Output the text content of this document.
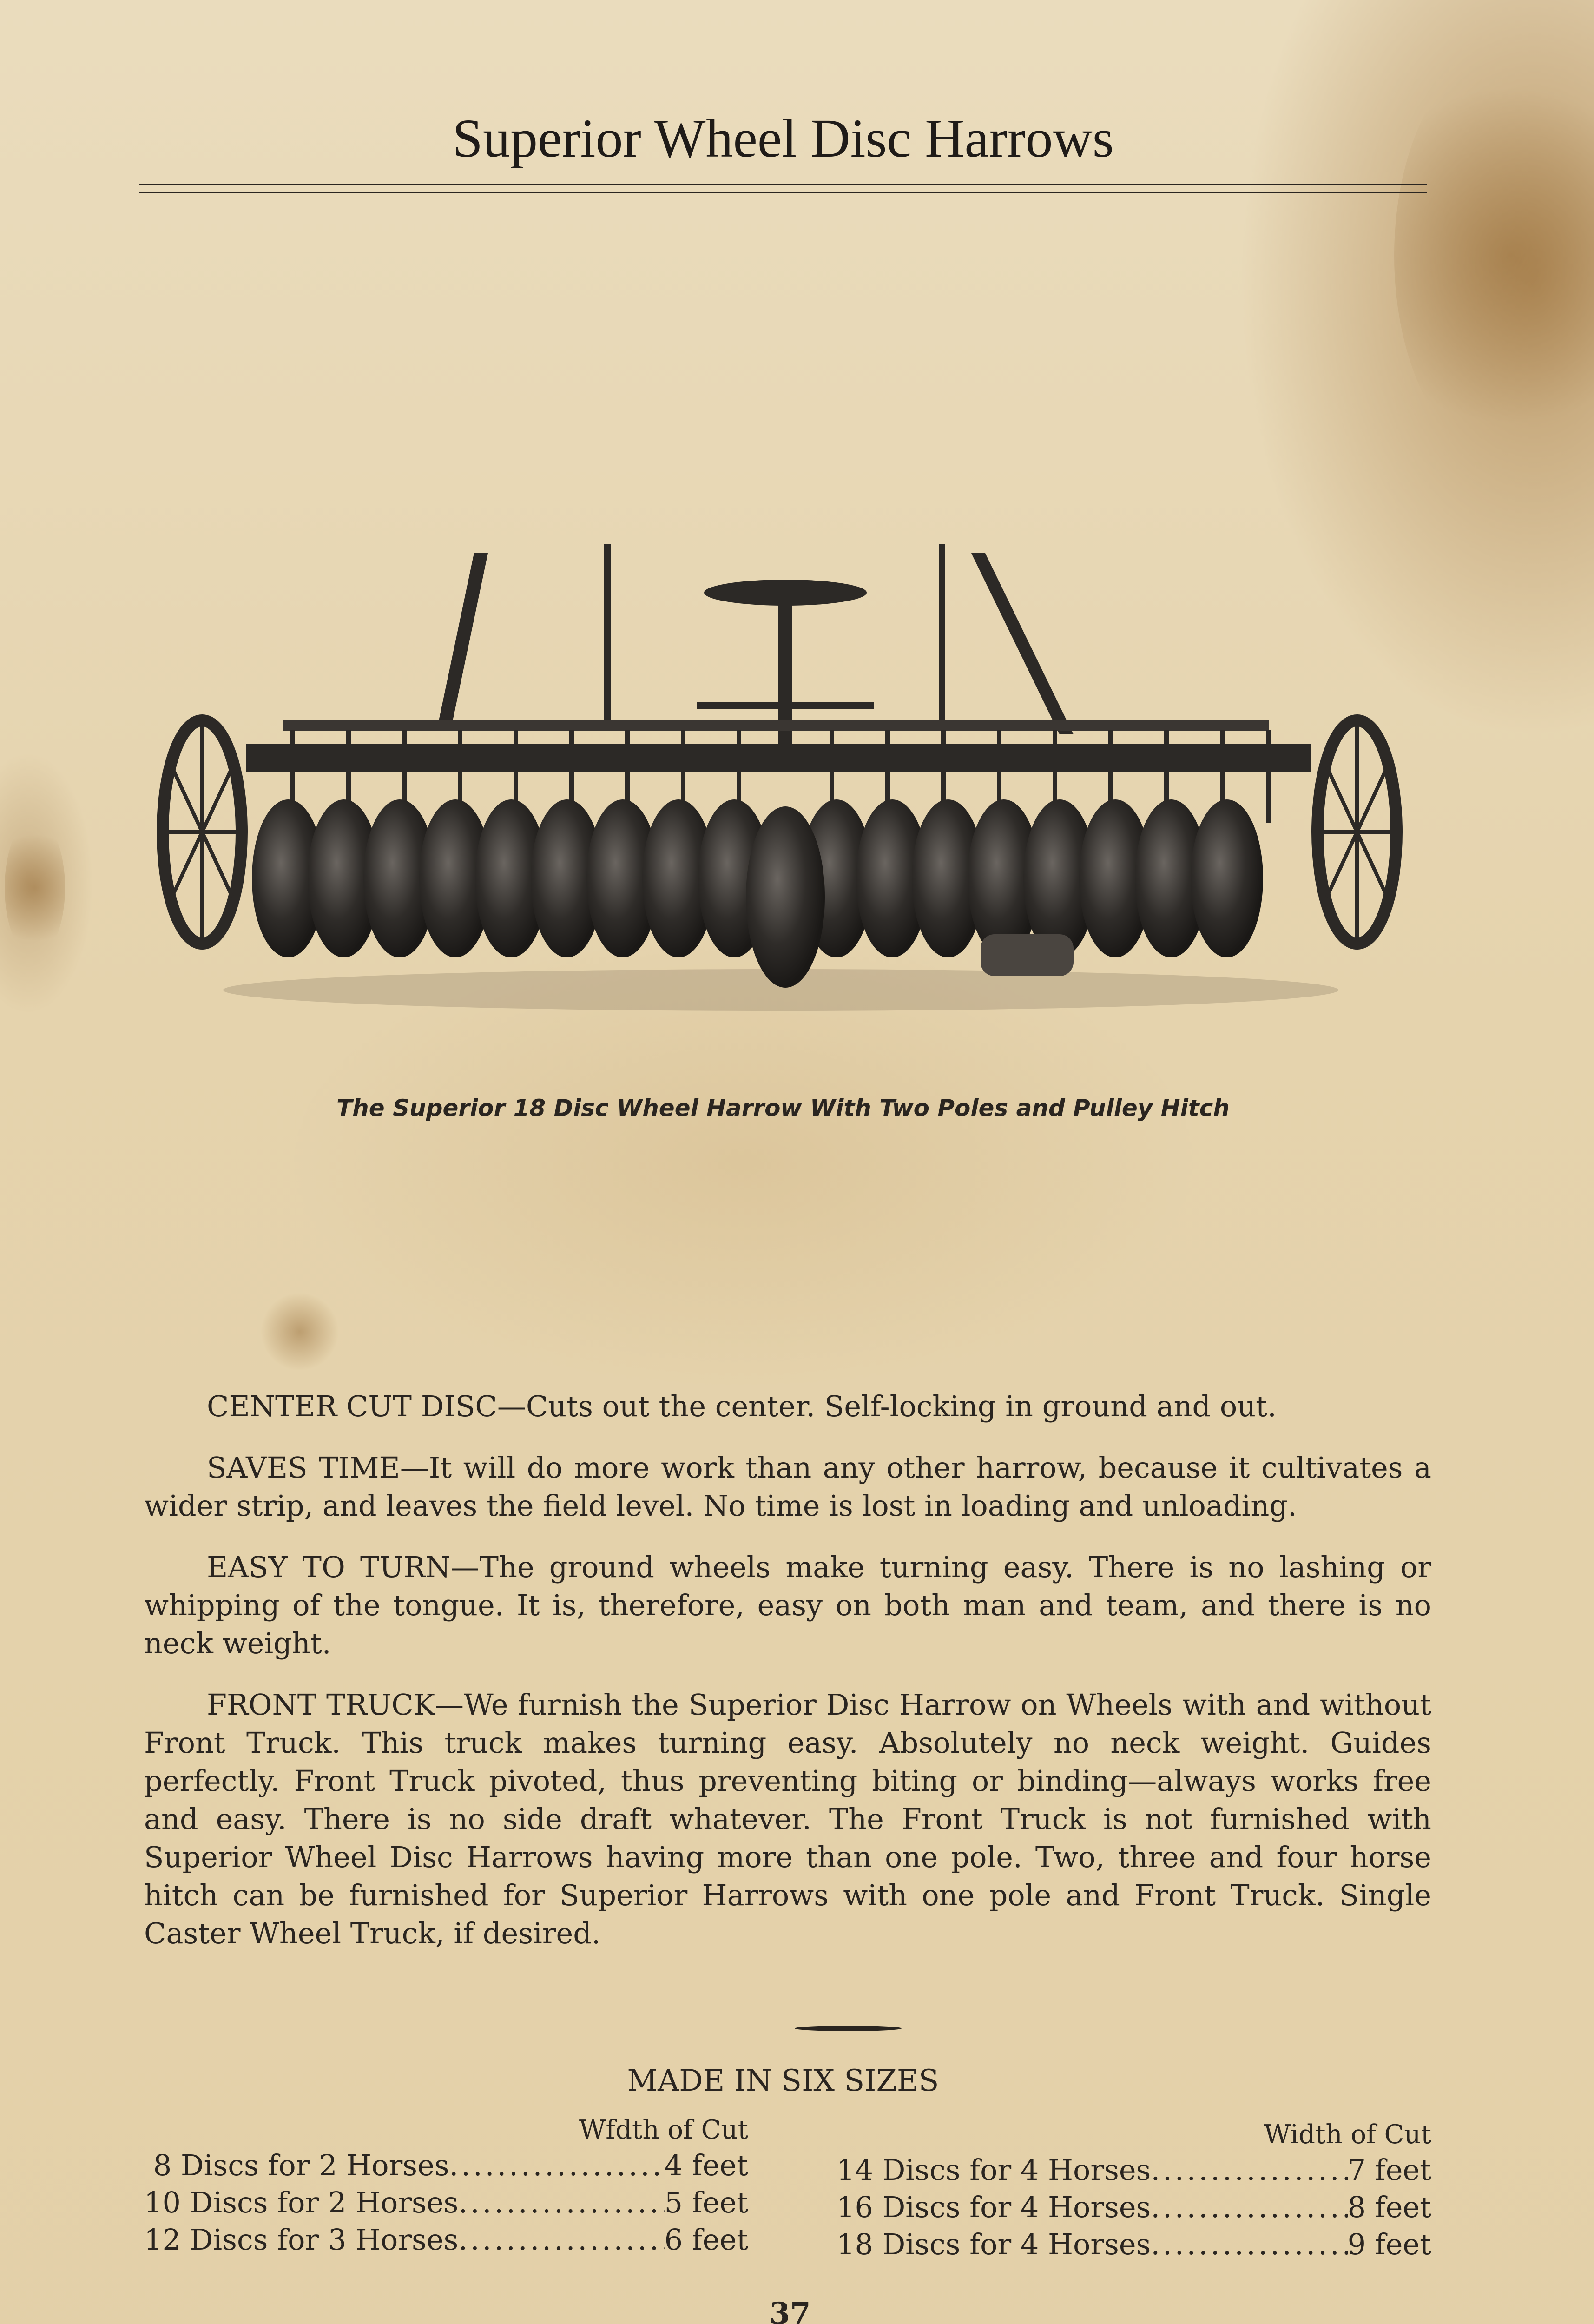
Superior Wheel Disc Harrows
The Superior 18 Disc Wheel Harrow With Two Poles and Pulley Hitch

CENTER CUT DISC—Cuts out the center. Self-locking in ground and out.

SAVES TIME—It will do more work than any other harrow, because it cultivates a wider strip, and leaves the field level. No time is lost in loading and unloading.

EASY TO TURN—The ground wheels make turning easy. There is no lashing or whipping of the tongue. It is, therefore, easy on both man and team, and there is no neck weight.

FRONT TRUCK—We furnish the Superior Disc Harrow on Wheels with and without Front Truck. This truck makes turning easy. Absolutely no neck weight. Guides perfectly. Front Truck pivoted, thus preventing biting or binding—always works free and easy. There is no side draft whatever. The Front Truck is not furnished with Superior Wheel Disc Harrows having more than one pole. Two, three and four horse hitch can be furnished for Superior Harrows with one pole and Front Truck. Single Caster Wheel Truck, if desired.

MADE IN SIX SIZES
Wfdth of Cut
8 Discs for 2 Horses .....	4 feet
10 Discs for 2 Horses .....	5 feet
12 Discs for 3 Horses .....	6 feet
Width of Cut
14 Discs for 4 Horses .....	7 feet
16 Discs for 4 Horses .....	8 feet
18 Discs for 4 Horses .....	9 feet
37
